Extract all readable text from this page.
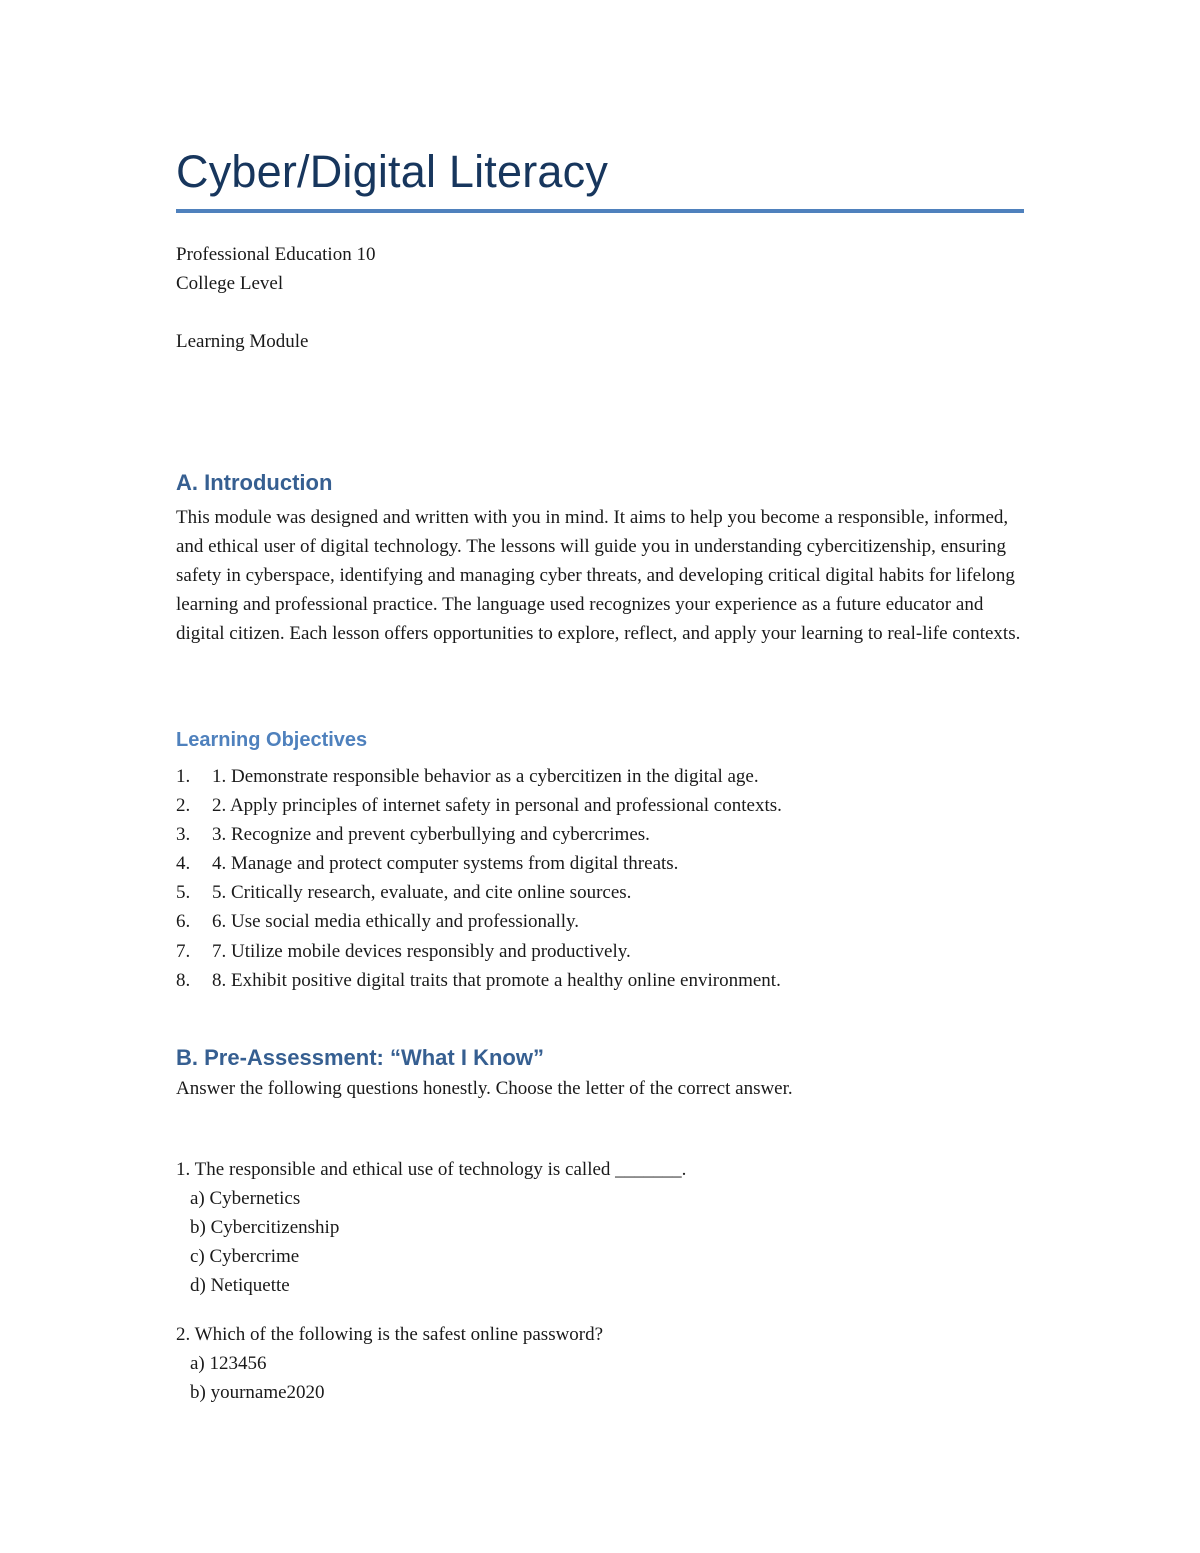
Cyber/Digital Literacy
Professional Education 10
College Level
Learning Module
A. Introduction

This module was designed and written with you in mind. It aims to help you become a responsible, informed, and ethical user of digital technology. The lessons will guide you in understanding cybercitizenship, ensuring safety in cyberspace, identifying and managing cyber threats, and developing critical digital habits for lifelong learning and professional practice. The language used recognizes your experience as a future educator and digital citizen. Each lesson offers opportunities to explore, reflect, and apply your learning to real-life contexts.

Learning Objectives
1. 1. Demonstrate responsible behavior as a cybercitizen in the digital age.
2. 2. Apply principles of internet safety in personal and professional contexts.
3. 3. Recognize and prevent cyberbullying and cybercrimes.
4. 4. Manage and protect computer systems from digital threats.
5. 5. Critically research, evaluate, and cite online sources.
6. 6. Use social media ethically and professionally.
7. 7. Utilize mobile devices responsibly and productively.
8. 8. Exhibit positive digital traits that promote a healthy online environment.
B. Pre-Assessment: “What I Know”

Answer the following questions honestly. Choose the letter of the correct answer.

1. The responsible and ethical use of technology is called _______.
a) Cybernetics
b) Cybercitizenship
c) Cybercrime
d) Netiquette
2. Which of the following is the safest online password?
a) 123456
b) yourname2020
